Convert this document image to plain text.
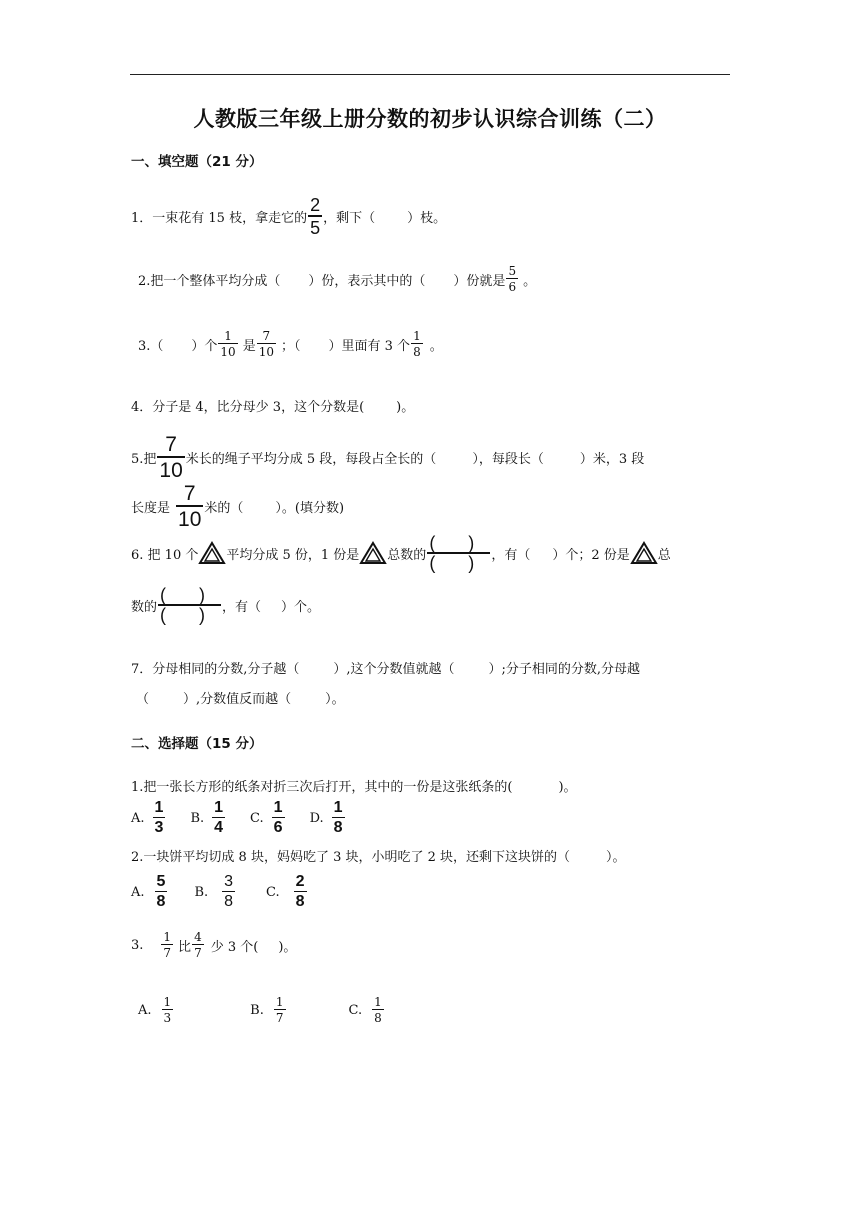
人教版三年级上册分数的初步认识综合训练（二）
一、填空题（21 分）
1．一束花有 15 枝，拿走它的 $\frac{2}{5}$ ，剩下（ ）枝。
2.把一个整体平均分成（ ）份，表示其中的（ ）份就是 $\frac{5}{6}$ 。
3.（ ）个 $\frac{1}{10}$ 是 $\frac{7}{10}$ ；（ ）里面有 3 个 $\frac{1}{8}$ 。
4．分子是 4，比分母少 3，这个分数是( )。
5.把 $\frac{7}{10}$ 米长的绳子平均分成 5 段，每段占全长的（	），每段长（	）米，3 段
长度是 $\frac{7}{10}$ 米的（ ）。(填分数)
6. 把 10 个 平均分成 5 份，1 份是 总数的 $\frac{( )}{( )}$ ，有（ ）个；2 份是 总
数的 $\frac{( )}{( )}$ ，有（ ）个。
7．分母相同的分数,分子越（	）,这个分数值就越（	）;分子相同的分数,分母越
（	）,分数值反而越（	）。
二、选择题（15 分）
1.把一张长方形的纸条对折三次后打开，其中的一份是这张纸条的(	)。
A. $\frac{1}{3} B$. $\frac{1}{4} C$. $\frac{1}{6} D$. $\frac{1}{8}$
2.一块饼平均切成 8 块，妈妈吃了 3 块，小明吃了 2 块，还剩下这块饼的（	）。
A. $\frac{5}{8} B$. $\frac{3}{8} C$. $\frac{2}{8}$
3. $\frac{1}{7}$ 比 $\frac{4}{7}$ 少 3 个( )。
A. $\frac{1}{3}$	B. $\frac{1}{7}$	C. $\frac{1}{8}$
